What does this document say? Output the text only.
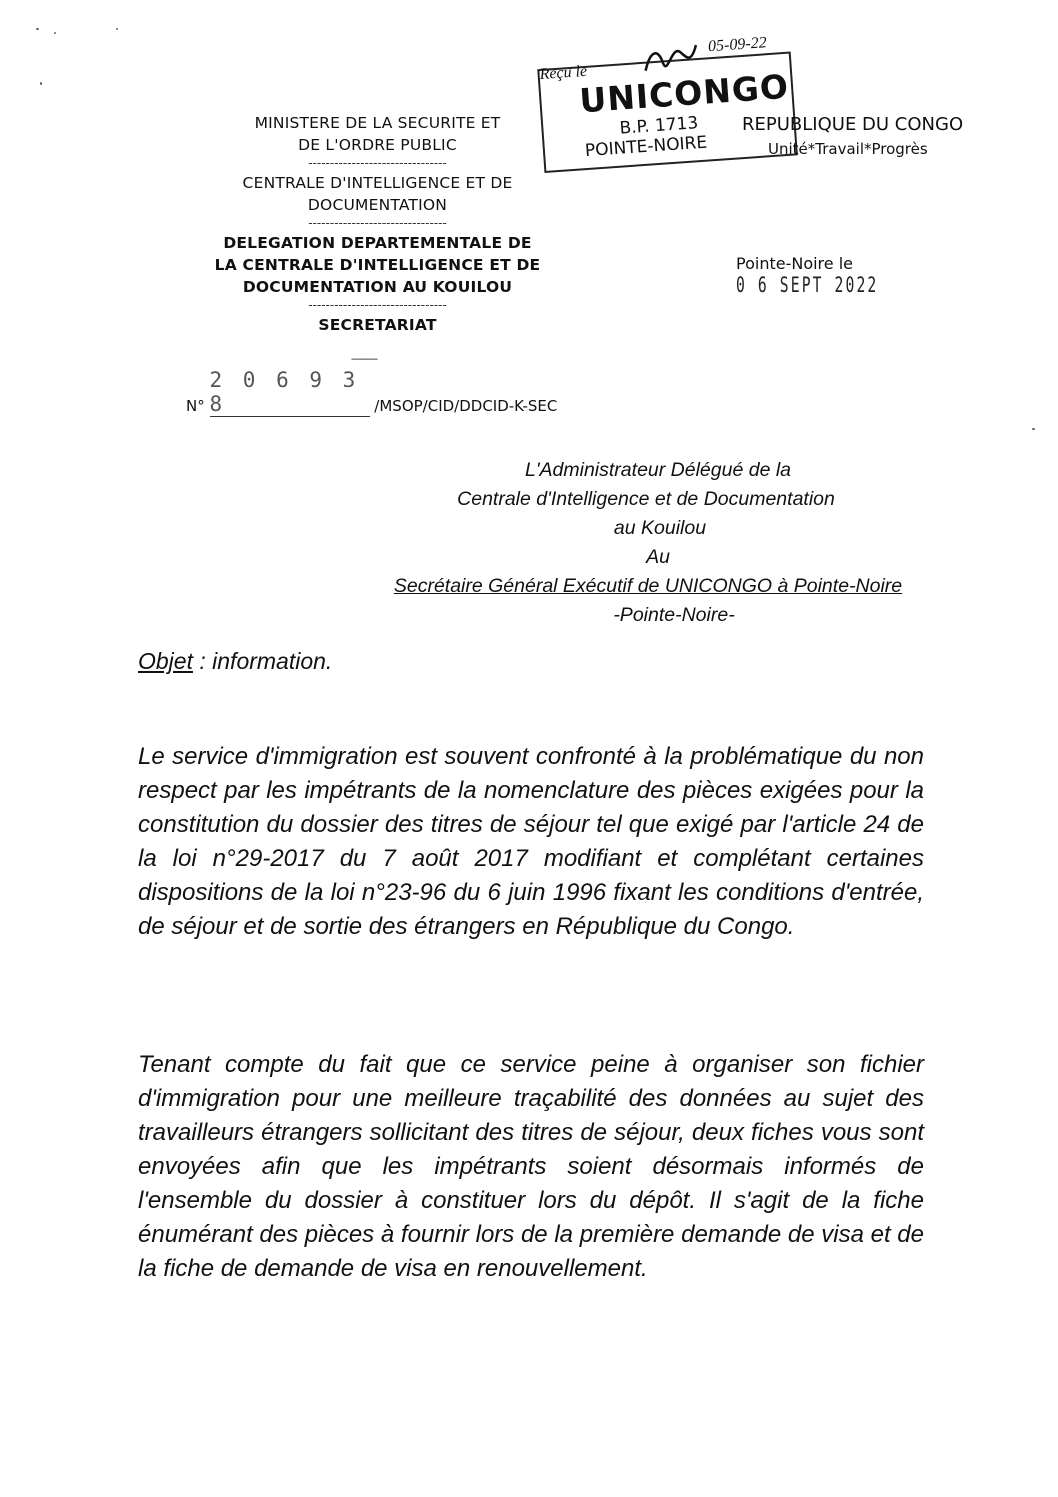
MINISTERE DE LA SECURITE ET
DE L'ORDRE PUBLIC
--------------------------------
CENTRALE D'INTELLIGENCE ET DE
DOCUMENTATION
--------------------------------
DELEGATION DEPARTEMENTALE DE
LA CENTRALE D'INTELLIGENCE ET DE
DOCUMENTATION AU KOUILOU
--------------------------------
SECRETARIAT
----------
N° 2 0 6 9 3 8	/MSOP/CID/DDCID-K-SEC
Reçu le
05-09-22
UNICONGO
B.P. 1713
POINTE-NOIRE
REPUBLIQUE DU CONGO
Unité*Travail*Progrès
Pointe-Noire le   0 6 SEPT 2022
L'Administrateur Délégué de la
Centrale d'Intelligence et de Documentation
au Kouilou
Au
Secrétaire Général Exécutif de UNICONGO à Pointe-Noire
-Pointe-Noire-
Objet : information.
Le service d'immigration est souvent confronté à la problématique du non respect par les impétrants de la nomenclature des pièces exigées pour la constitution du dossier des titres de séjour tel que exigé par l'article 24 de la loi n°29-2017 du 7 août 2017 modifiant et complétant certaines dispositions de la loi n°23-96 du 6 juin 1996 fixant les conditions d'entrée, de séjour et de sortie des étrangers en République du Congo.
Tenant compte du fait que ce service peine à organiser son fichier d'immigration pour une meilleure traçabilité des données au sujet des travailleurs étrangers sollicitant des titres de séjour, deux fiches vous sont envoyées afin que les impétrants soient désormais informés de l'ensemble du dossier à constituer lors du dépôt. Il s'agit de la fiche énumérant des pièces à fournir lors de la première demande de visa et de la fiche de demande de visa en renouvellement.
